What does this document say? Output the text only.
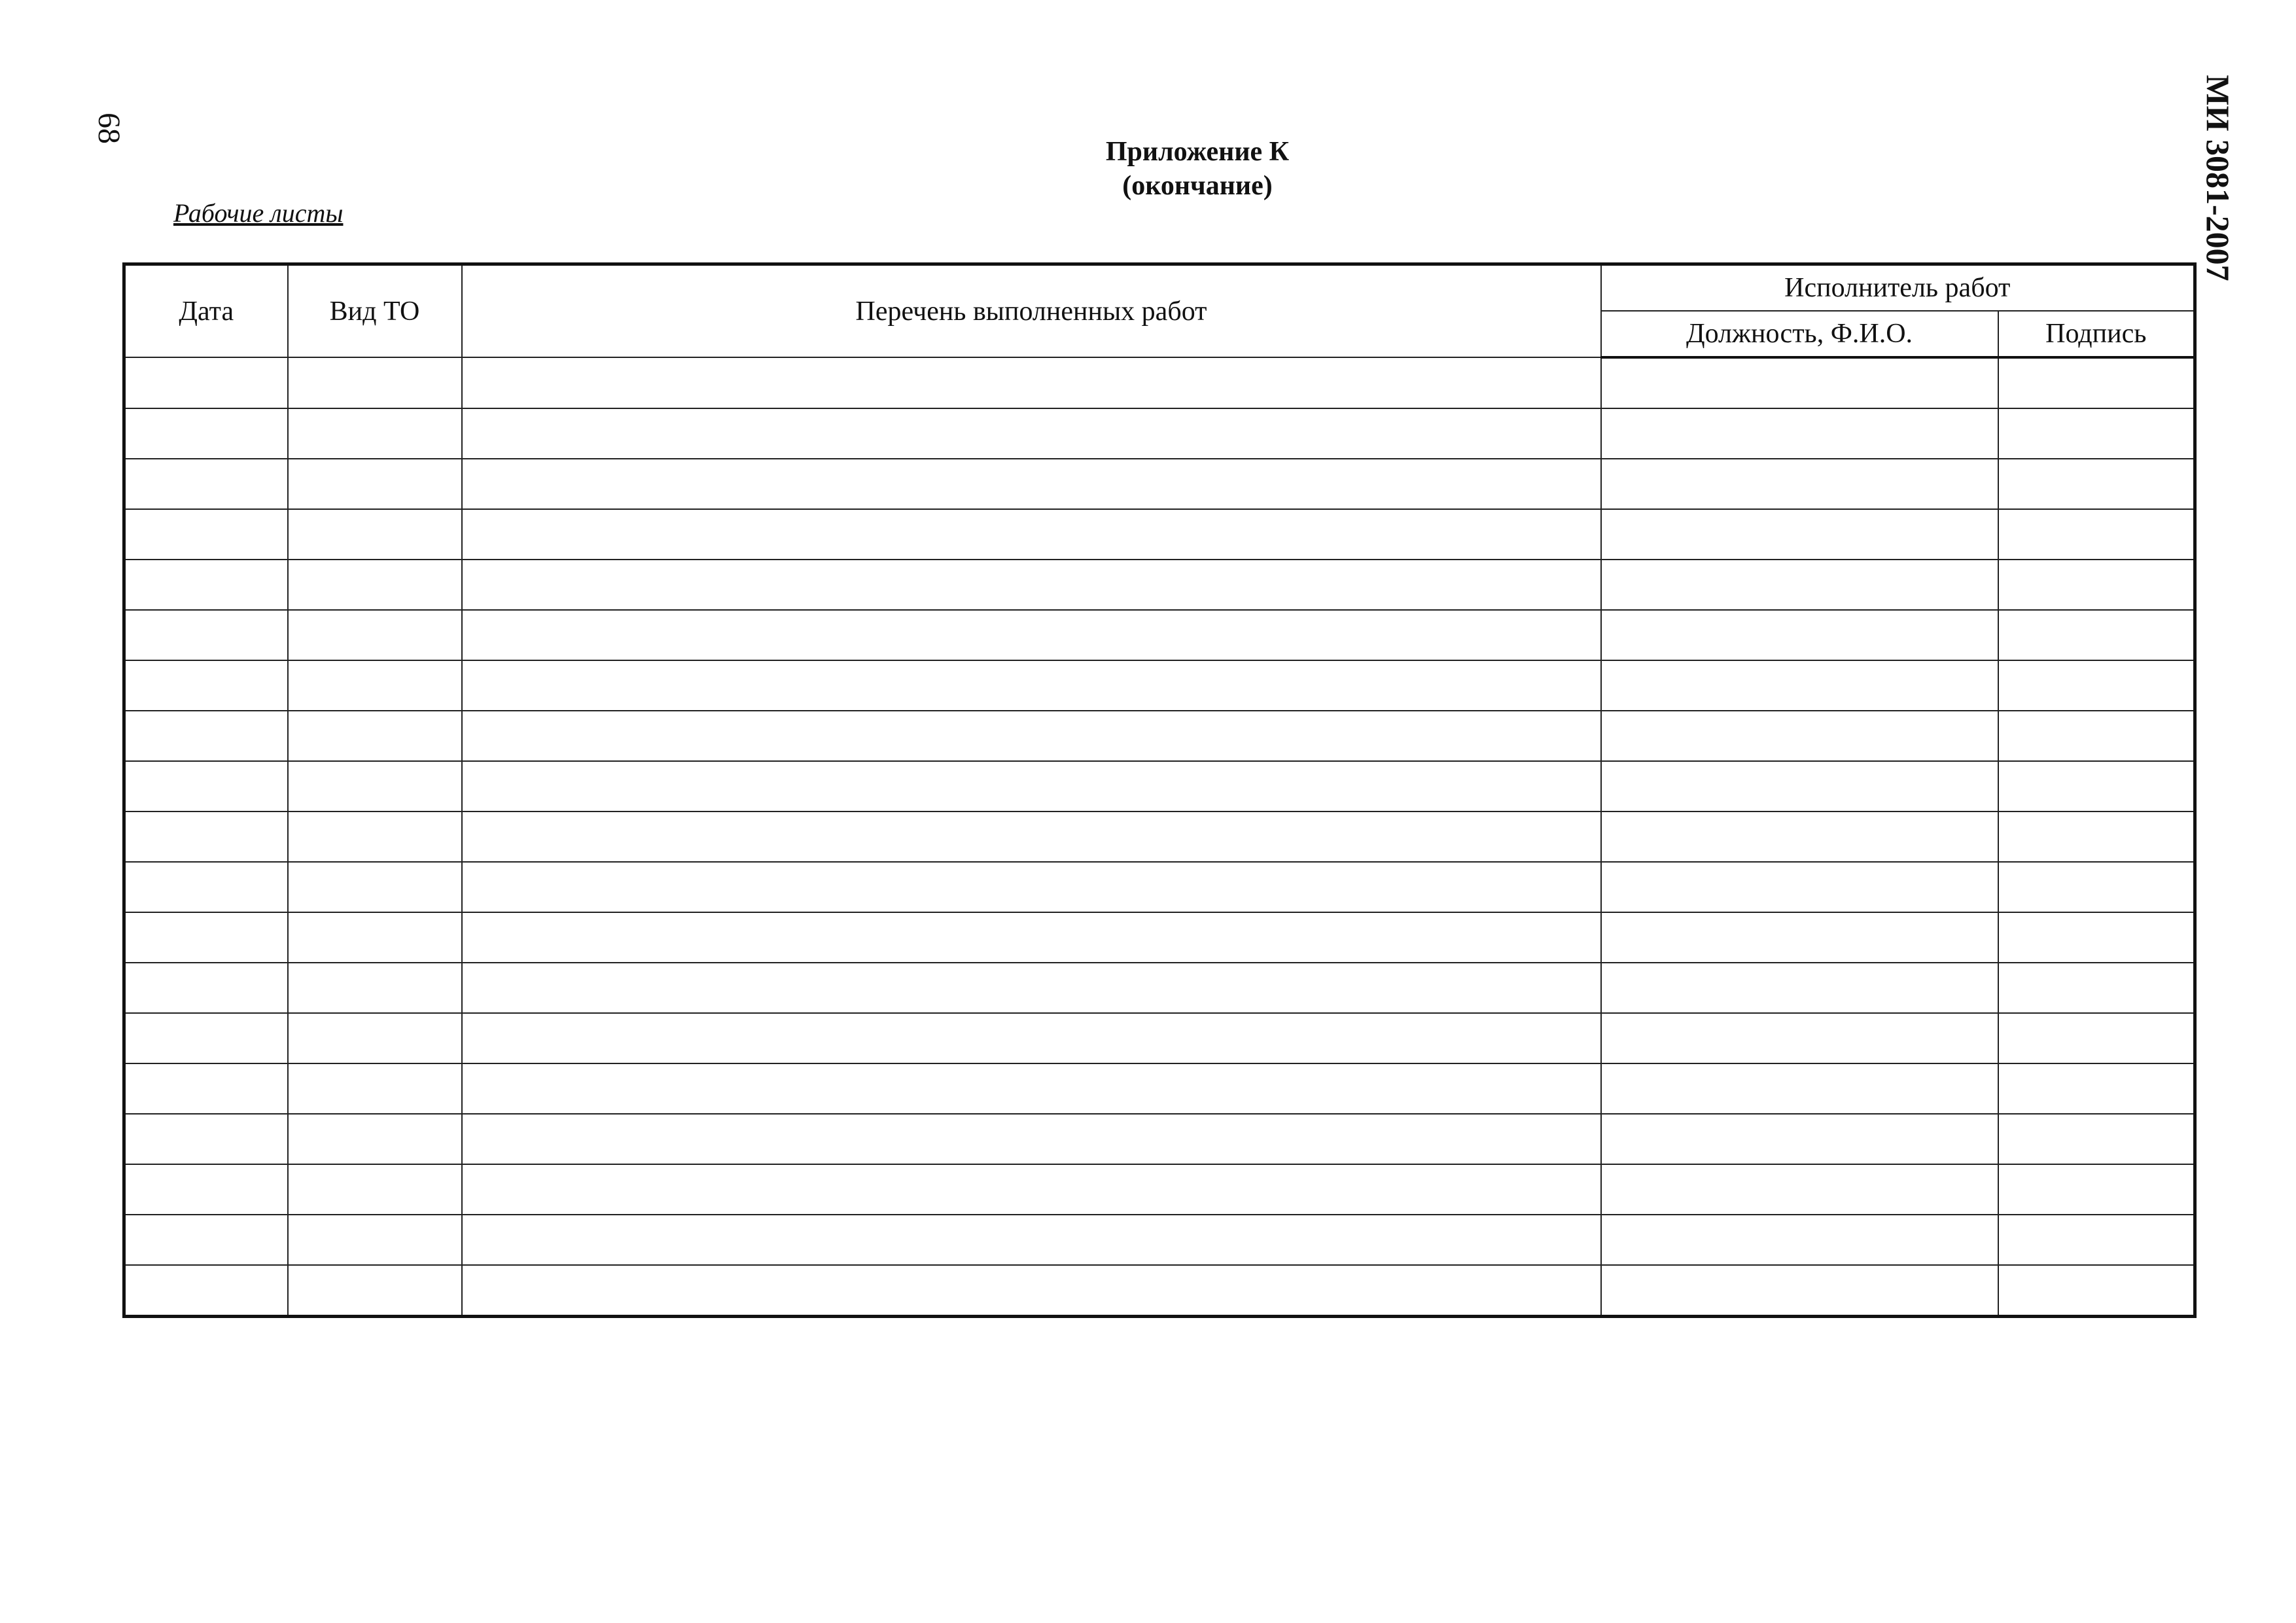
68	МИ 3081-2007
Приложение К
(окончание)
Рабочие листы
Дата	Вид ТО	Перечень выполненных работ	Исполнитель работ	
			Должность, Ф.И.О.	Подпись
